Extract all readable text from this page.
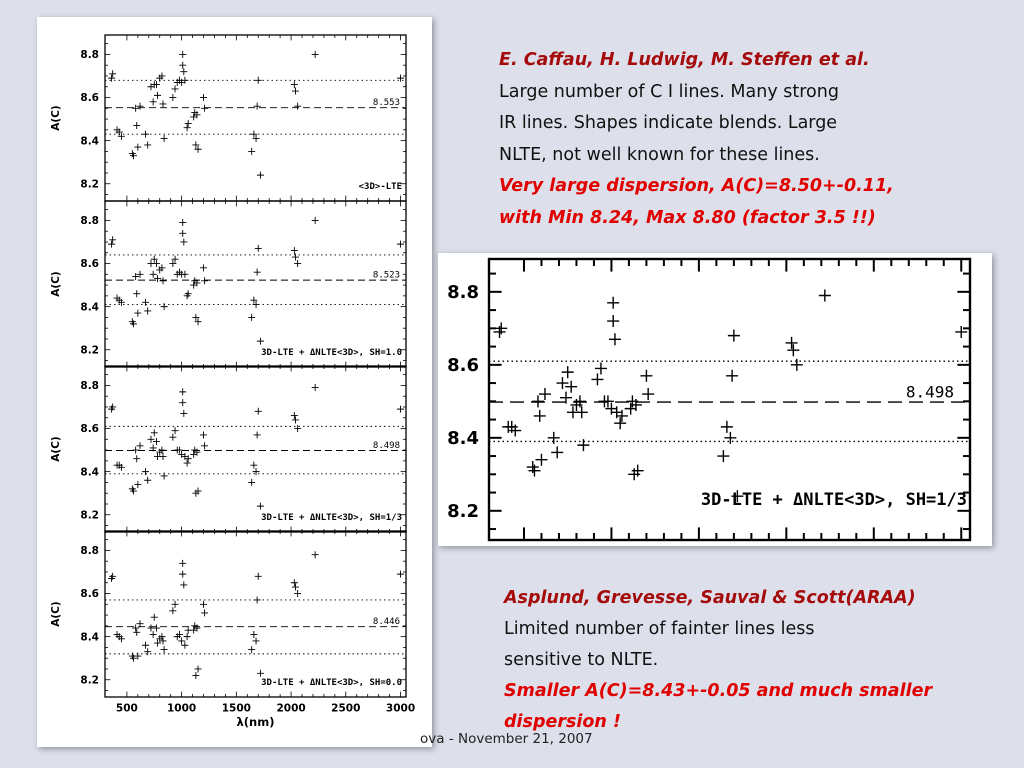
8.2
8.4
8.6
8.8
A(C)
8.553
<3D>-LTE
8.2
8.4
8.6
8.8
A(C)	8.523
3D-LTE + ΔNLTE<3D>, SH=1.0
8.2
8.4
8.6
8.8
A(C)	8.498
3D-LTE + ΔNLTE<3D>, SH=1/3
8.2
8.4
8.6
8.8
A(C)	8.446
3D-LTE + ΔNLTE<3D>, SH=0.0
500	1000 1500 2000 2500 3000
λ(nm)
8.2
8.4
8.6
8.8
8.498
3D-LTE + ΔNLTE<3D>, SH=1/3
E. Caffau, H. Ludwig, M. Steffen et al.
Large number of C I lines. Many strong
IR lines. Shapes indicate blends. Large
NLTE, not well known for these lines.
Very large dispersion, A(C)=8.50+-0.11,
with Min 8.24, Max 8.80 (factor 3.5 !!)
Asplund, Grevesse, Sauval & Scott(ARAA)
Limited number of fainter lines less
sensitive to NLTE.
Smaller A(C)=8.43+-0.05 and much smaller
dispersion !
ova - November 21, 2007
